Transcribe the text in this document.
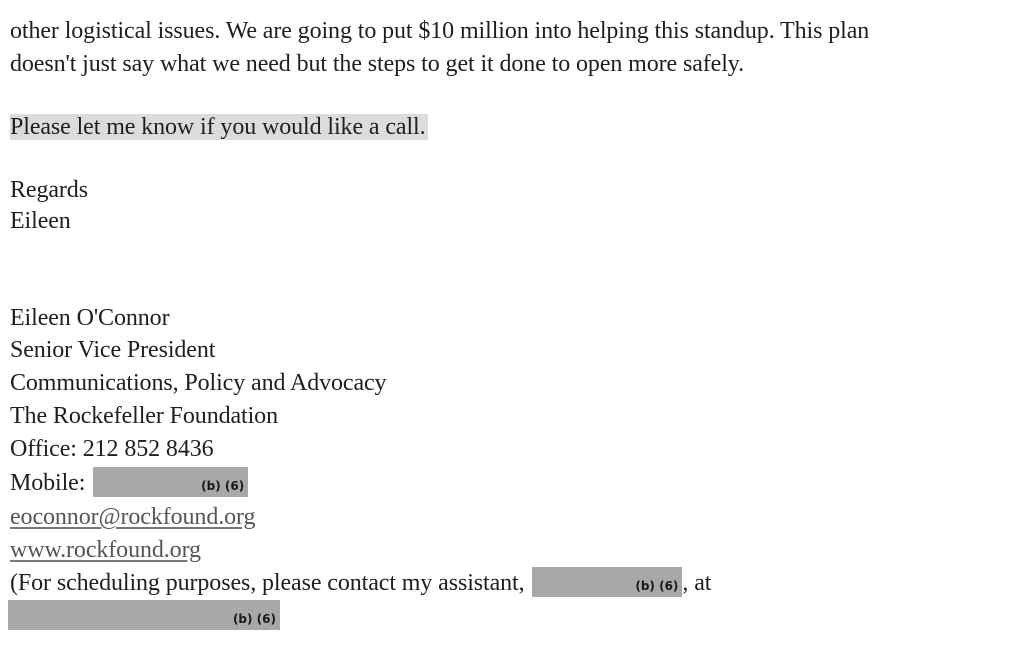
other logistical issues. We are going to put $10 million into helping this standup. This plan
doesn't just say what we need but the steps to get it done to open more safely.
Please let me know if you would like a call.
Regards
Eileen
Eileen O'Connor
Senior Vice President
Communications, Policy and Advocacy
The Rockefeller Foundation
Office: 212 852 8436
Mobile:	(b) (6)
eoconnor@rockfound.org
www.rockfound.org
(For scheduling purposes, please contact my assistant,	(b) (6) , at
(b) (6)
